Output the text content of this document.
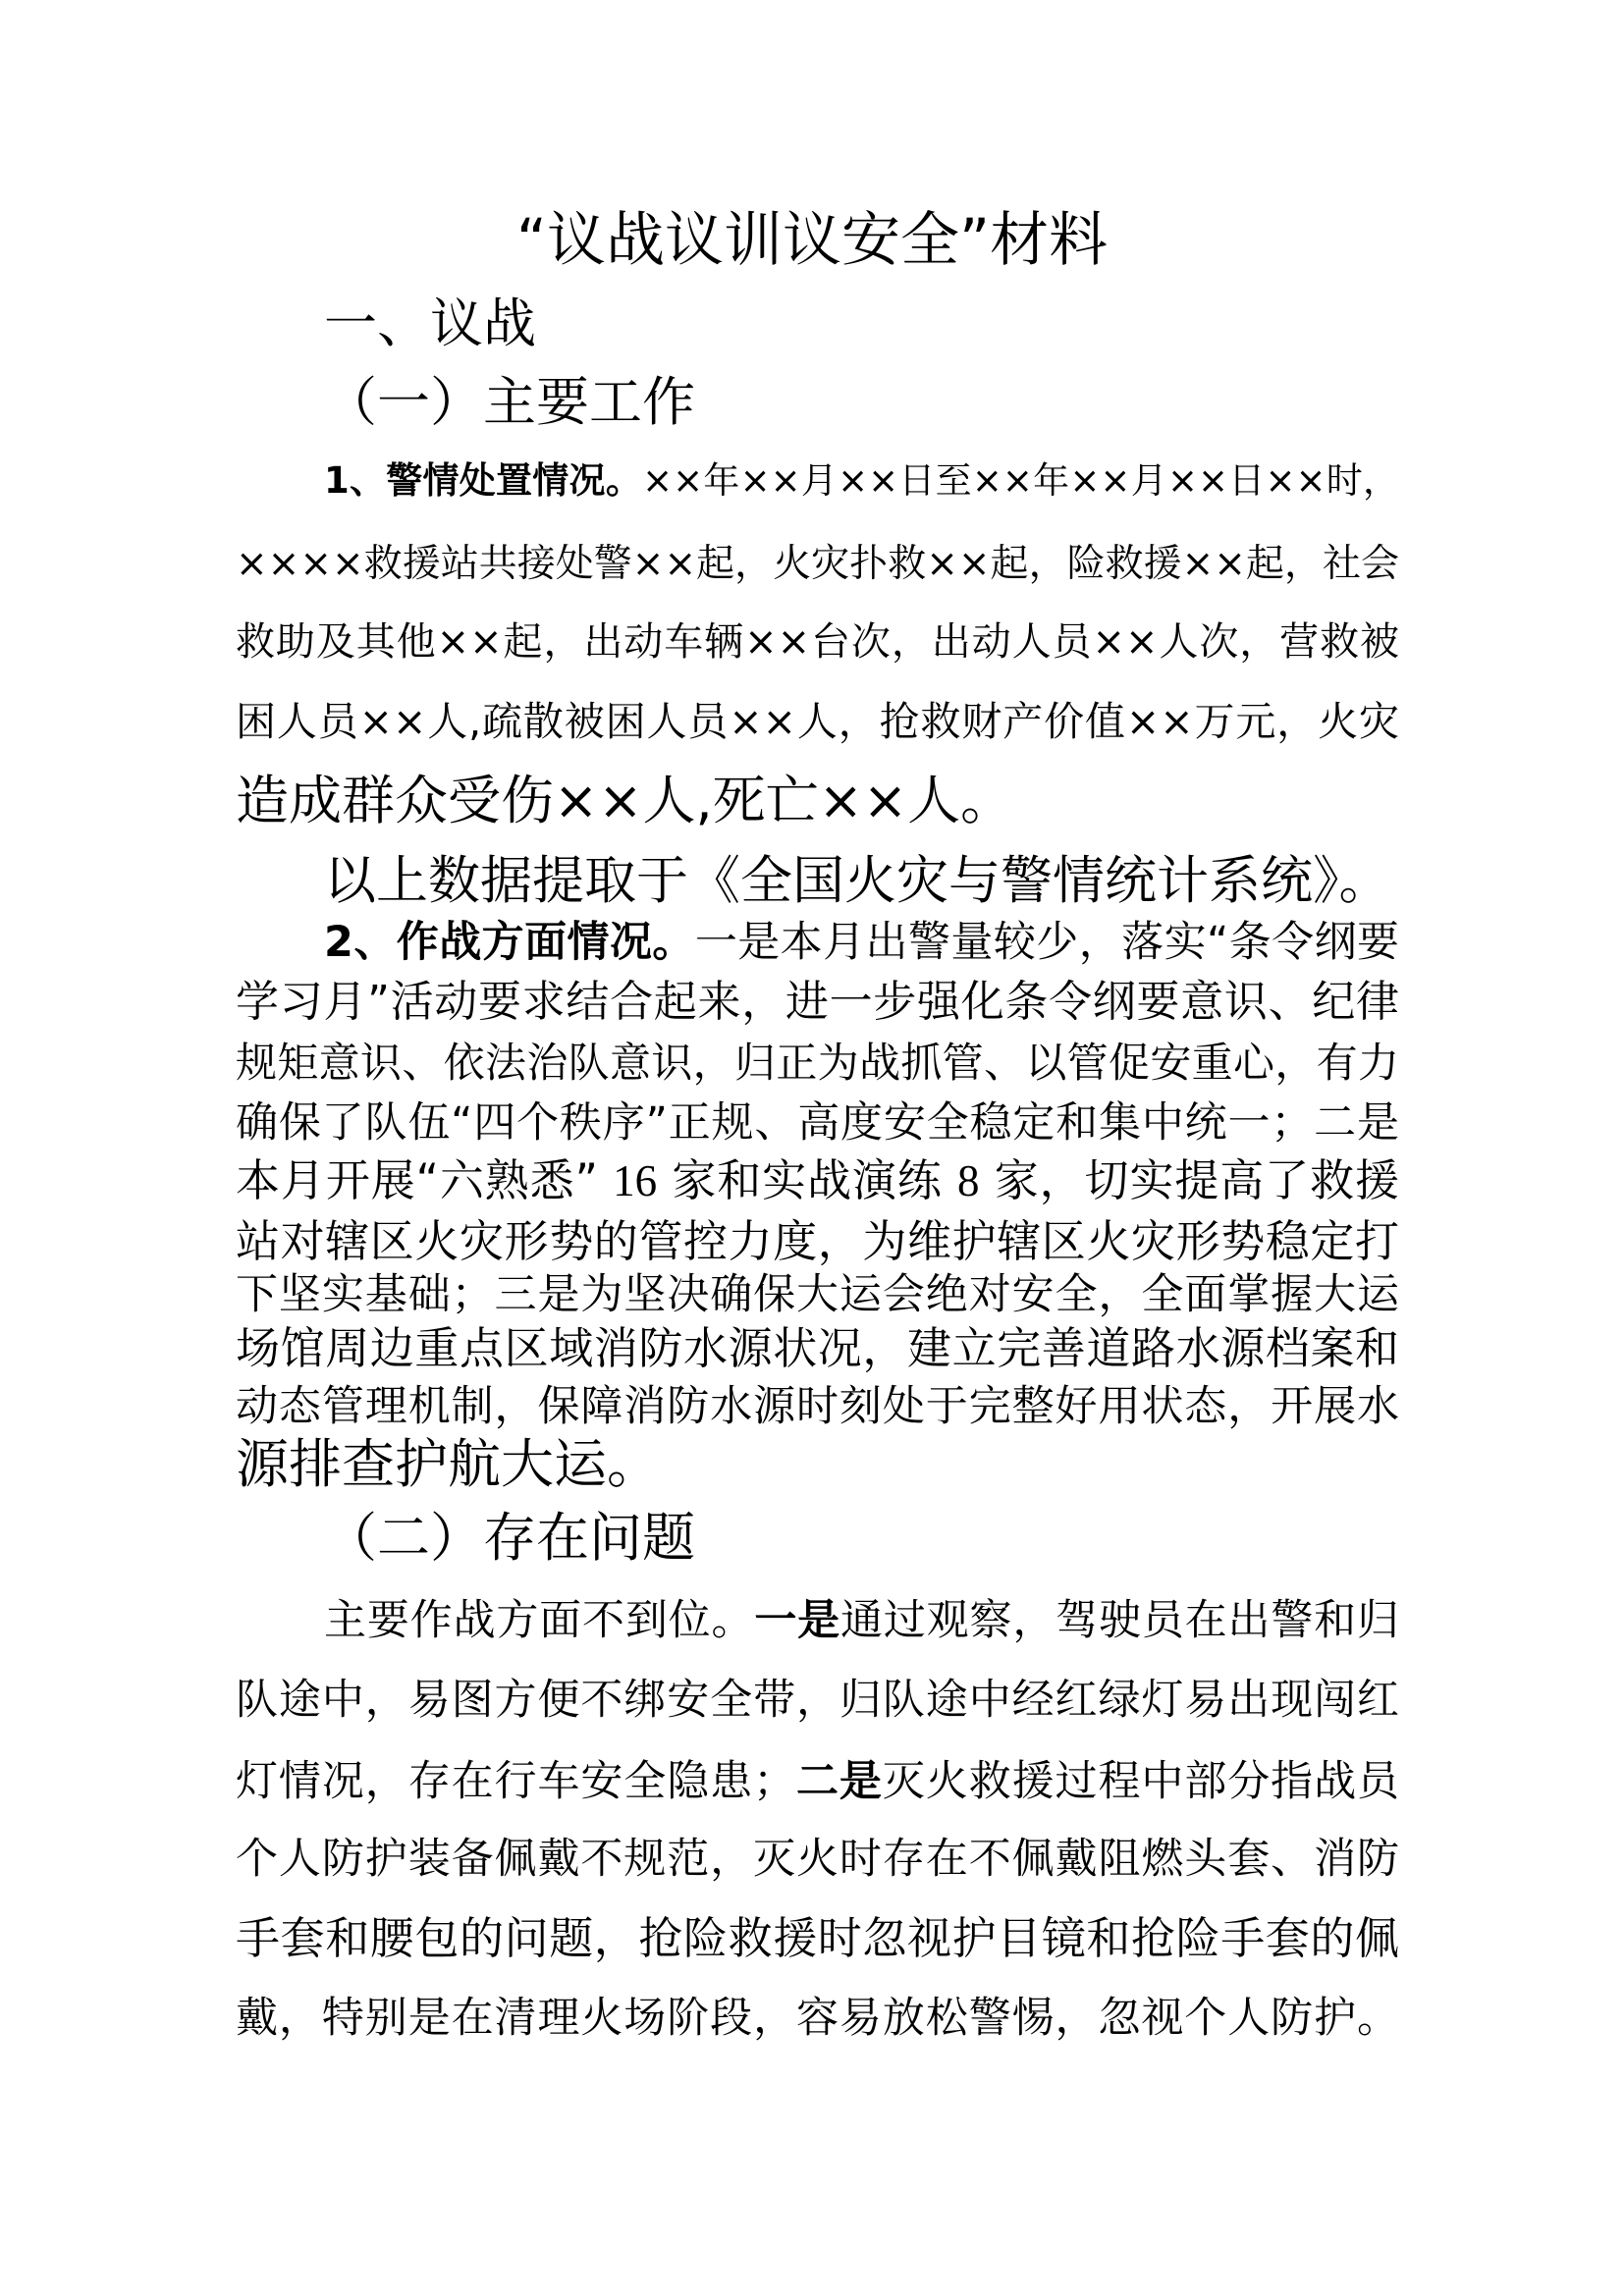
“议战议训议安全”材料
一、议战
（一）主要工作
1、警情处置情况。××年××月××日至××年××月××日××时，
××××救援站共接处警××起，火灾扑救××起，险救援××起，社会
救助及其他××起，出动车辆××台次，出动人员××人次，营救被
困人员××人,疏散被困人员××人，抢救财产价值××万元，火灾
造成群众受伤××人,死亡××人。
以上数据提取于《全国火灾与警情统计系统》。
2、作战方面情况。一是本月出警量较少，落实“条令纲要
学习月”活动要求结合起来，进一步强化条令纲要意识、纪律
规矩意识、依法治队意识，归正为战抓管、以管促安重心，有力
确保了队伍“四个秩序”正规、高度安全稳定和集中统一；二是
本月开展“六熟悉” 16 家和实战演练 8 家，切实提高了救援
站对辖区火灾形势的管控力度，为维护辖区火灾形势稳定打
下坚实基础；三是为坚决确保大运会绝对安全，全面掌握大运
场馆周边重点区域消防水源状况，建立完善道路水源档案和
动态管理机制，保障消防水源时刻处于完整好用状态，开展水
源排查护航大运。
（二）存在问题
主要作战方面不到位。一是通过观察，驾驶员在出警和归
队途中，易图方便不绑安全带，归队途中经红绿灯易出现闯红
灯情况，存在行车安全隐患；二是灭火救援过程中部分指战员
个人防护装备佩戴不规范，灭火时存在不佩戴阻燃头套、消防
手套和腰包的问题，抢险救援时忽视护目镜和抢险手套的佩
戴，特别是在清理火场阶段，容易放松警惕，忽视个人防护。
